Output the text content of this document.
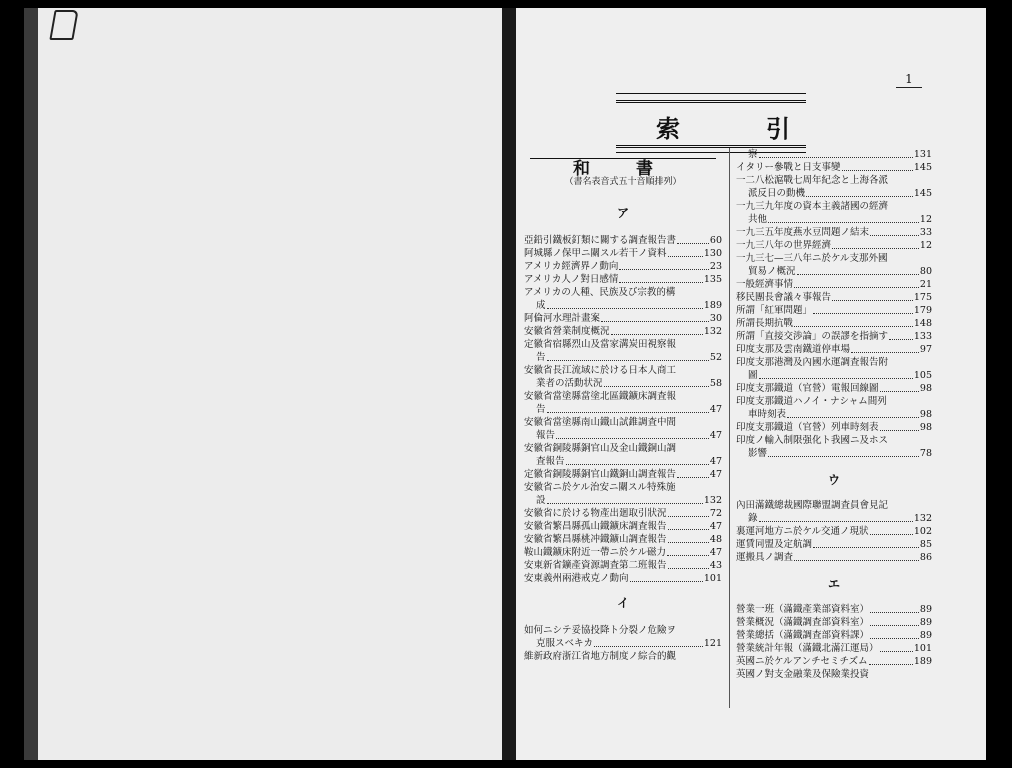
1
索	引
和 書
（書名表音式五十音順排列）
ア
亞鉛引鐵板釘類に關する調査報告書	60
阿城縣ノ保甲ニ關スル若干ノ資料	130
アメリカ經濟界ノ動向	23
アメリカ人ノ對日感情	135
アメリカの人種、民族及び宗教的構
成	189
阿倫河水理計畫案	30
安徽省營業制度概況	132
定徽省宿縣烈山及當家溝炭田視察報
告	52
安徽省長江流域に於ける日本人商工
業者の活動状況	58
安徽省當塗縣當塗北區鐵鑛床調査報
告	47
安徽省當塗縣南山鐵山試錐調査中間
報告	47
安徽省銅陵縣銅官山及金山鐵銅山調
査報告	47
定徽省銅陵縣銅官山鐵銅山調査報告	47
安徽省ニ於ケル治安ニ關スル特殊施
設	132
安徽省に於ける物產出廻取引狀況	72
安徽省繁昌縣孤山鐵鑛床調査報告	47
安徽省繁昌縣桃冲鐵鑛山調査報告	48
鞍山鐵鑛床附近一帶ニ於ケル磁力	47
安東新省鑛產資源調査第二班報告	43
安東義州兩港戒克ノ動向	101
イ
如何ニシテ妥協投降ト分裂ノ危險ヲ
克服スベキカ	121
維新政府浙江省地方制度ノ綜合的觀
察	131
イタリー參戰と日支事變	145
一二八松滬戰七周年紀念と上海各派
派反日の動機	145
一九三九年度の資本主義諸國の經濟
共他	12
一九三五年度燕水豆問題ノ結末	33
一九三八年の世界經濟	12
一九三七—三八年ニ於ケル支那外國
貿易ノ概況	80
一般經濟事情	21
移民團長會議々事報告	175
所謂「紅軍問題」	179
所謂長期抗戰	148
所謂「直接交渉論」の誤謬を指摘す	133
印度支那及雲南鐵道停車場	97
印度支那港灣及內國水運調査報告附
圖	105
印度支那鐵道（官營）電報回線圖	98
印度支那鐵道ハノイ・ナシャム間列
車時刻表	98
印度支那鐵道（官營）列車時刻表	98
印度ノ輸入制限强化ト我國ニ及ホス
影響	78
ウ
內田滿鐵總裁國際聯盟調査員會見記
錄	132
裏運河地方ニ於ケル交通ノ現狀	102
運賃同盟及定航調	85
運搬具ノ調査	86
エ
營業一班（滿鐵產業部資料室）	89
營業概況（滿鐵調査部資料室）	89
營業總括（滿鐵調査部資料課）	89
營業統計年報（滿鐵北滿江運局）	101
英國ニ於ケルアンチセミチズム	189
英國ノ對支金融業及保險業投資
